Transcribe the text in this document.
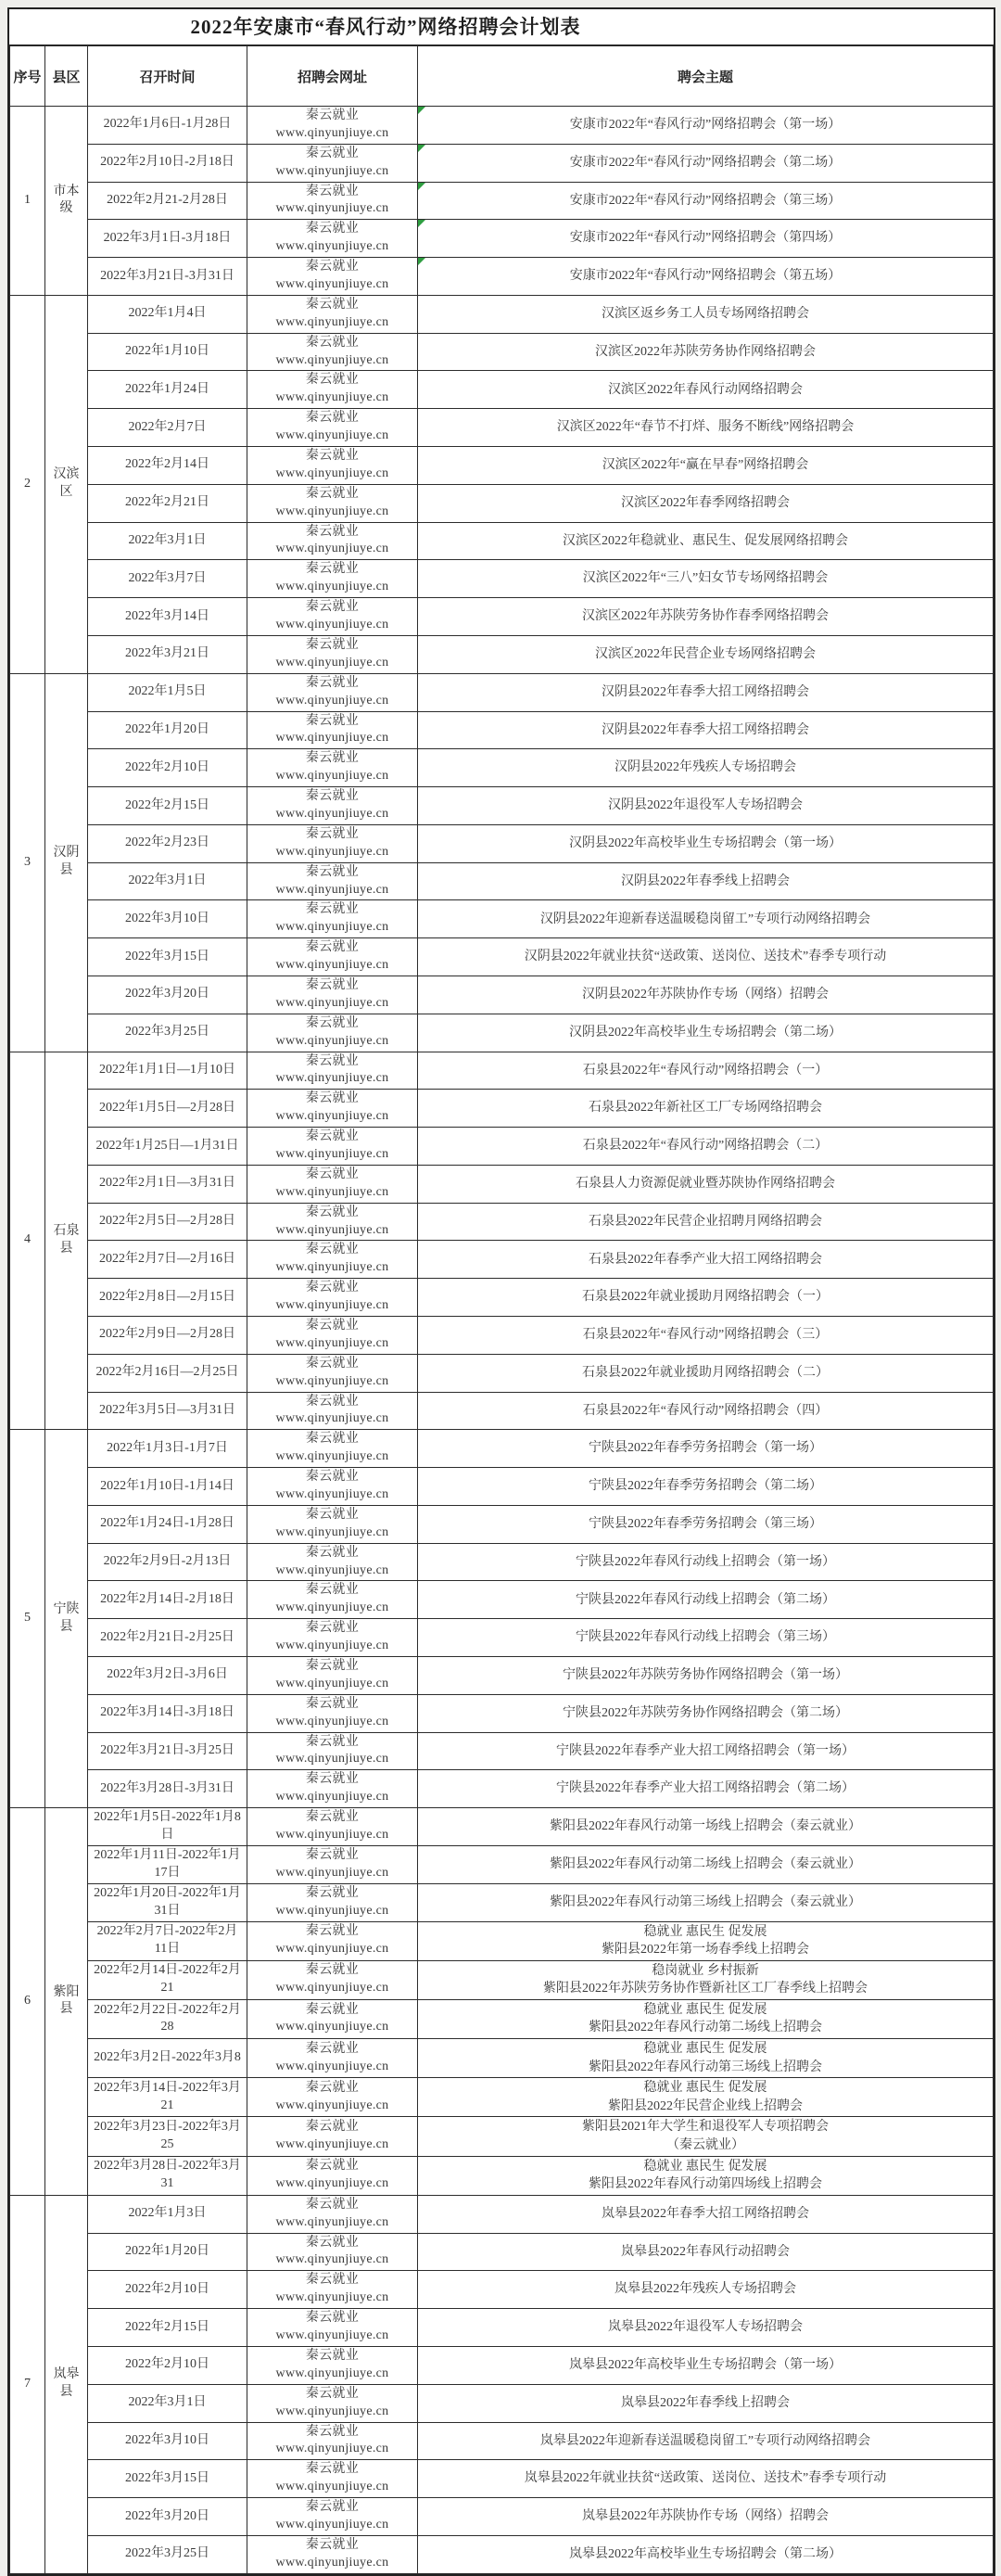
2022年安康市“春风行动”网络招聘会计划表
序号	县区	召开时间	招聘会网址	聘会主题
1	市本级	2022年1月6日-1月28日	秦云就业www.qinyunjiuye.cn	安康市2022年“春风行动”网络招聘会（第一场）

		2022年2月10日-2月18日	秦云就业www.qinyunjiuye.cn	安康市2022年“春风行动”网络招聘会（第二场）

		2022年2月21-2月28日	秦云就业www.qinyunjiuye.cn	安康市2022年“春风行动”网络招聘会（第三场）

		2022年3月1日-3月18日	秦云就业www.qinyunjiuye.cn	安康市2022年“春风行动”网络招聘会（第四场）

		2022年3月21日-3月31日	秦云就业www.qinyunjiuye.cn	安康市2022年“春风行动”网络招聘会（第五场）

2	汉滨区	2022年1月4日	秦云就业www.qinyunjiuye.cn	汉滨区返乡务工人员专场网络招聘会

		2022年1月10日	秦云就业www.qinyunjiuye.cn	汉滨区2022年苏陕劳务协作网络招聘会

		2022年1月24日	秦云就业www.qinyunjiuye.cn	汉滨区2022年春风行动网络招聘会

		2022年2月7日	秦云就业www.qinyunjiuye.cn	汉滨区2022年“春节不打烊、服务不断线”网络招聘会

		2022年2月14日	秦云就业www.qinyunjiuye.cn	汉滨区2022年“赢在早春”网络招聘会

		2022年2月21日	秦云就业www.qinyunjiuye.cn	汉滨区2022年春季网络招聘会

		2022年3月1日	秦云就业www.qinyunjiuye.cn	汉滨区2022年稳就业、惠民生、促发展网络招聘会

		2022年3月7日	秦云就业www.qinyunjiuye.cn	汉滨区2022年“三八”妇女节专场网络招聘会

		2022年3月14日	秦云就业www.qinyunjiuye.cn	汉滨区2022年苏陕劳务协作春季网络招聘会

		2022年3月21日	秦云就业www.qinyunjiuye.cn	汉滨区2022年民营企业专场网络招聘会

3	汉阴县	2022年1月5日	秦云就业www.qinyunjiuye.cn	汉阴县2022年春季大招工网络招聘会

		2022年1月20日	秦云就业www.qinyunjiuye.cn	汉阴县2022年春季大招工网络招聘会

		2022年2月10日	秦云就业www.qinyunjiuye.cn	汉阴县2022年残疾人专场招聘会

		2022年2月15日	秦云就业www.qinyunjiuye.cn	汉阴县2022年退役军人专场招聘会

		2022年2月23日	秦云就业www.qinyunjiuye.cn	汉阴县2022年高校毕业生专场招聘会（第一场）

		2022年3月1日	秦云就业www.qinyunjiuye.cn	汉阴县2022年春季线上招聘会

		2022年3月10日	秦云就业www.qinyunjiuye.cn	汉阴县2022年迎新春送温暖稳岗留工”专项行动网络招聘会

		2022年3月15日	秦云就业www.qinyunjiuye.cn	汉阴县2022年就业扶贫“送政策、送岗位、送技术”春季专项行动

		2022年3月20日	秦云就业www.qinyunjiuye.cn	汉阴县2022年苏陕协作专场（网络）招聘会

		2022年3月25日	秦云就业www.qinyunjiuye.cn	汉阴县2022年高校毕业生专场招聘会（第二场）

4	石泉县	2022年1月1日—1月10日	秦云就业www.qinyunjiuye.cn	石泉县2022年“春风行动”网络招聘会（一）

		2022年1月5日—2月28日	秦云就业www.qinyunjiuye.cn	石泉县2022年新社区工厂专场网络招聘会

		2022年1月25日—1月31日	秦云就业www.qinyunjiuye.cn	石泉县2022年“春风行动”网络招聘会（二）

		2022年2月1日—3月31日	秦云就业www.qinyunjiuye.cn	石泉县人力资源促就业暨苏陕协作网络招聘会

		2022年2月5日—2月28日	秦云就业www.qinyunjiuye.cn	石泉县2022年民营企业招聘月网络招聘会

		2022年2月7日—2月16日	秦云就业www.qinyunjiuye.cn	石泉县2022年春季产业大招工网络招聘会

		2022年2月8日—2月15日	秦云就业www.qinyunjiuye.cn	石泉县2022年就业援助月网络招聘会（一）

		2022年2月9日—2月28日	秦云就业www.qinyunjiuye.cn	石泉县2022年“春风行动”网络招聘会（三）

		2022年2月16日—2月25日	秦云就业www.qinyunjiuye.cn	石泉县2022年就业援助月网络招聘会（二）

		2022年3月5日—3月31日	秦云就业www.qinyunjiuye.cn	石泉县2022年“春风行动”网络招聘会（四）

5	宁陕县	2022年1月3日-1月7日	秦云就业www.qinyunjiuye.cn	宁陕县2022年春季劳务招聘会（第一场）

		2022年1月10日-1月14日	秦云就业www.qinyunjiuye.cn	宁陕县2022年春季劳务招聘会（第二场）

		2022年1月24日-1月28日	秦云就业www.qinyunjiuye.cn	宁陕县2022年春季劳务招聘会（第三场）

		2022年2月9日-2月13日	秦云就业www.qinyunjiuye.cn	宁陕县2022年春风行动线上招聘会（第一场）

		2022年2月14日-2月18日	秦云就业www.qinyunjiuye.cn	宁陕县2022年春风行动线上招聘会（第二场）

		2022年2月21日-2月25日	秦云就业www.qinyunjiuye.cn	宁陕县2022年春风行动线上招聘会（第三场）

		2022年3月2日-3月6日	秦云就业www.qinyunjiuye.cn	宁陕县2022年苏陕劳务协作网络招聘会（第一场）

		2022年3月14日-3月18日	秦云就业www.qinyunjiuye.cn	宁陕县2022年苏陕劳务协作网络招聘会（第二场）

		2022年3月21日-3月25日	秦云就业www.qinyunjiuye.cn	宁陕县2022年春季产业大招工网络招聘会（第一场）

		2022年3月28日-3月31日	秦云就业www.qinyunjiuye.cn	宁陕县2022年春季产业大招工网络招聘会（第二场）

6	紫阳县	2022年1月5日-2022年1月8日	秦云就业www.qinyunjiuye.cn	紫阳县2022年春风行动第一场线上招聘会（秦云就业）

		2022年1月11日-2022年1月17日	秦云就业www.qinyunjiuye.cn	紫阳县2022年春风行动第二场线上招聘会（秦云就业）

		2022年1月20日-2022年1月31日	秦云就业www.qinyunjiuye.cn	紫阳县2022年春风行动第三场线上招聘会（秦云就业）

		2022年2月7日-2022年2月11日	秦云就业www.qinyunjiuye.cn	稳就业 惠民生 促发展
紫阳县2022年第一场春季线上招聘会

		2022年2月14日-2022年2月21	秦云就业www.qinyunjiuye.cn	稳岗就业 乡村振新
紫阳县2022年苏陕劳务协作暨新社区工厂春季线上招聘会

		2022年2月22日-2022年2月28	秦云就业www.qinyunjiuye.cn	稳就业 惠民生 促发展
紫阳县2022年春风行动第二场线上招聘会

		2022年3月2日-2022年3月8	秦云就业www.qinyunjiuye.cn	稳就业 惠民生 促发展
紫阳县2022年春风行动第三场线上招聘会

		2022年3月14日-2022年3月21	秦云就业www.qinyunjiuye.cn	稳就业 惠民生 促发展
紫阳县2022年民营企业线上招聘会

		2022年3月23日-2022年3月25	秦云就业www.qinyunjiuye.cn	紫阳县2021年大学生和退役军人专项招聘会
（秦云就业）

		2022年3月28日-2022年3月31	秦云就业www.qinyunjiuye.cn	稳就业 惠民生 促发展
紫阳县2022年春风行动第四场线上招聘会

7	岚皋县	2022年1月3日	秦云就业www.qinyunjiuye.cn	岚皋县2022年春季大招工网络招聘会

		2022年1月20日	秦云就业www.qinyunjiuye.cn	岚皋县2022年春风行动招聘会

		2022年2月10日	秦云就业www.qinyunjiuye.cn	岚皋县2022年残疾人专场招聘会

		2022年2月15日	秦云就业www.qinyunjiuye.cn	岚皋县2022年退役军人专场招聘会

		2022年2月10日	秦云就业www.qinyunjiuye.cn	岚皋县2022年高校毕业生专场招聘会（第一场）

		2022年3月1日	秦云就业www.qinyunjiuye.cn	岚皋县2022年春季线上招聘会

		2022年3月10日	秦云就业www.qinyunjiuye.cn	岚皋县2022年迎新春送温暖稳岗留工”专项行动网络招聘会

		2022年3月15日	秦云就业www.qinyunjiuye.cn	岚皋县2022年就业扶贫“送政策、送岗位、送技术”春季专项行动

		2022年3月20日	秦云就业www.qinyunjiuye.cn	岚皋县2022年苏陕协作专场（网络）招聘会

		2022年3月25日	秦云就业www.qinyunjiuye.cn	岚皋县2022年高校毕业生专场招聘会（第二场）
